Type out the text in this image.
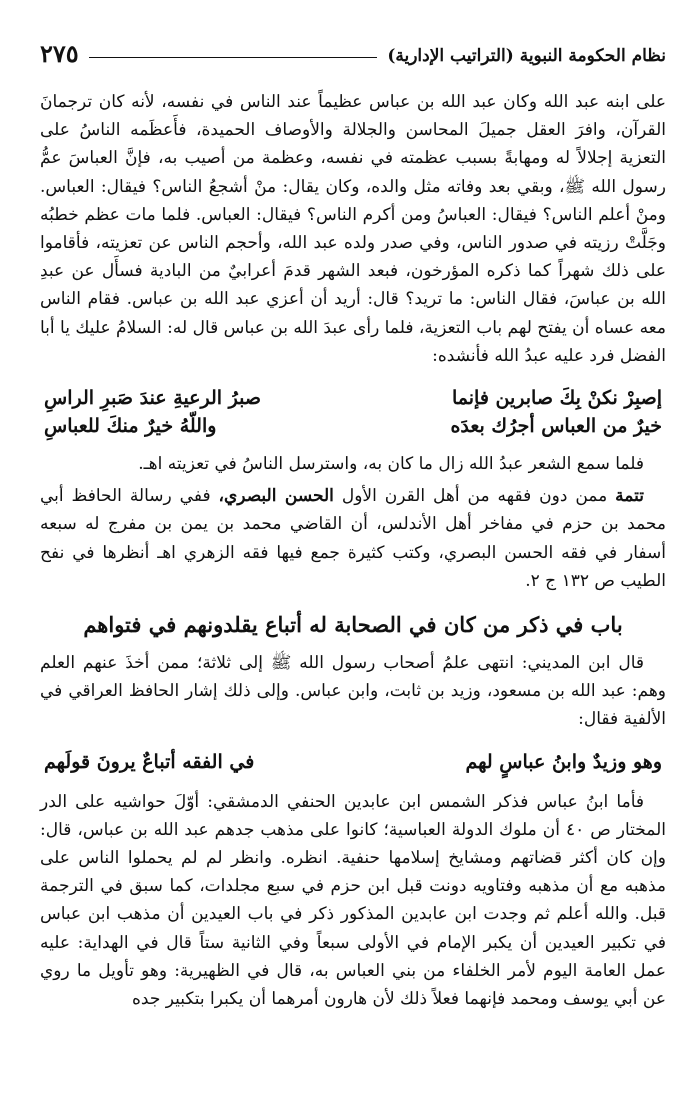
نظام الحكومة النبوية (التراتيب الإدارية)
٢٧٥

على ابنه عبد الله وكان عبد الله بن عباس عظيماً عند الناس في نفسه، لأنه كان ترجمانَ القرآن، وافرَ العقل جميلَ المحاسن والجلالة والأوصاف الحميدة، فأَعظَمه الناسُ على التعزية إجلالاً له ومهابةً بسبب عظمته في نفسه، وعظمة من أصيب به، فإنَّ العباسَ عمُّ رسول الله ﷺ، وبقي بعد وفاته مثل والده، وكان يقال: منْ أشجعُ الناس؟ فيقال: العباس. ومنْ أعلم الناس؟ فيقال: العباسُ ومن أكرم الناس؟ فيقال: العباس. فلما مات عظم خطبُه وجَلَّتْ رزيته في صدور الناس، وفي صدر ولده عبد الله، وأحجم الناس عن تعزيته، فأقاموا على ذلك شهراً كما ذكره المؤرخون، فبعد الشهر قدمَ أعرابيٌ من البادية فسأَل عن عبدِ الله بن عباسَ، فقال الناس: ما تريد؟ قال: أريد أن أعزي عبد الله بن عباس. فقام الناس معه عساه أن يفتح لهم باب التعزية، فلما رأى عبدَ الله بن عباس قال له: السلامُ عليك يا أبا الفضل فرد عليه عبدُ الله فأنشده:

إصبِرْ نكنْ بِكَ صابرين فإنما
صبرُ الرعيةِ عندَ صَبرِ الراسِ
خيرٌ من العباس أجرُك بعدَه
واللّهُ خيرٌ منكَ للعباسِ

فلما سمع الشعر عبدُ الله زال ما كان به، واسترسل الناسُ في تعزيته اهـ.

تتمة ممن دون فقهه من أهل القرن الأول الحسن البصري، ففي رسالة الحافظ أبي محمد بن حزم في مفاخر أهل الأندلس، أن القاضي محمد بن يمن بن مفرج له سبعه أسفار في فقه الحسن البصري، وكتب كثيرة جمع فيها فقه الزهري اهـ أنظرها في نفح الطيب ص ١٣٢ ج ٢.

باب في ذكر من كان في الصحابة له أتباع يقلدونهم في فتواهم

قال ابن المديني: انتهى علمُ أصحاب رسول الله ﷺ إلى ثلاثة؛ ممن أخذَ عنهم العلم وهم: عبد الله بن مسعود، وزيد بن ثابت، وابن عباس. وإلى ذلك إشار الحافظ العراقي في الألفية فقال:

وهو وزيدٌ وابنُ عباسٍ لهم
في الفقه أتباعٌ يرونَ قولَهم

فأما ابنُ عباس فذكر الشمس ابن عابدين الحنفي الدمشقي: أوّلَ حواشيه على الدر المختار ص ٤٠ أن ملوك الدولة العباسية؛ كانوا على مذهب جدهم عبد الله بن عباس، قال: وإن كان أكثر قضاتهم ومشايخ إسلامها حنفية. انظره. وانظر لم لم يحملوا الناس على مذهبه مع أن مذهبه وفتاويه دونت قبل ابن حزم في سبع مجلدات، كما سبق في الترجمة قبل. والله أعلم ثم وجدت ابن عابدين المذكور ذكر في باب العيدين أن مذهب ابن عباس في تكبير العيدين أن يكبر الإمام في الأولى سبعاً وفي الثانية ستاً قال في الهداية: عليه عمل العامة اليوم لأمر الخلفاء من بني العباس به، قال في الظهيرية: وهو تأويل ما روي عن أبي يوسف ومحمد فإنهما فعلاً ذلك لأن هارون أمرهما أن يكبرا بتكبير جده
